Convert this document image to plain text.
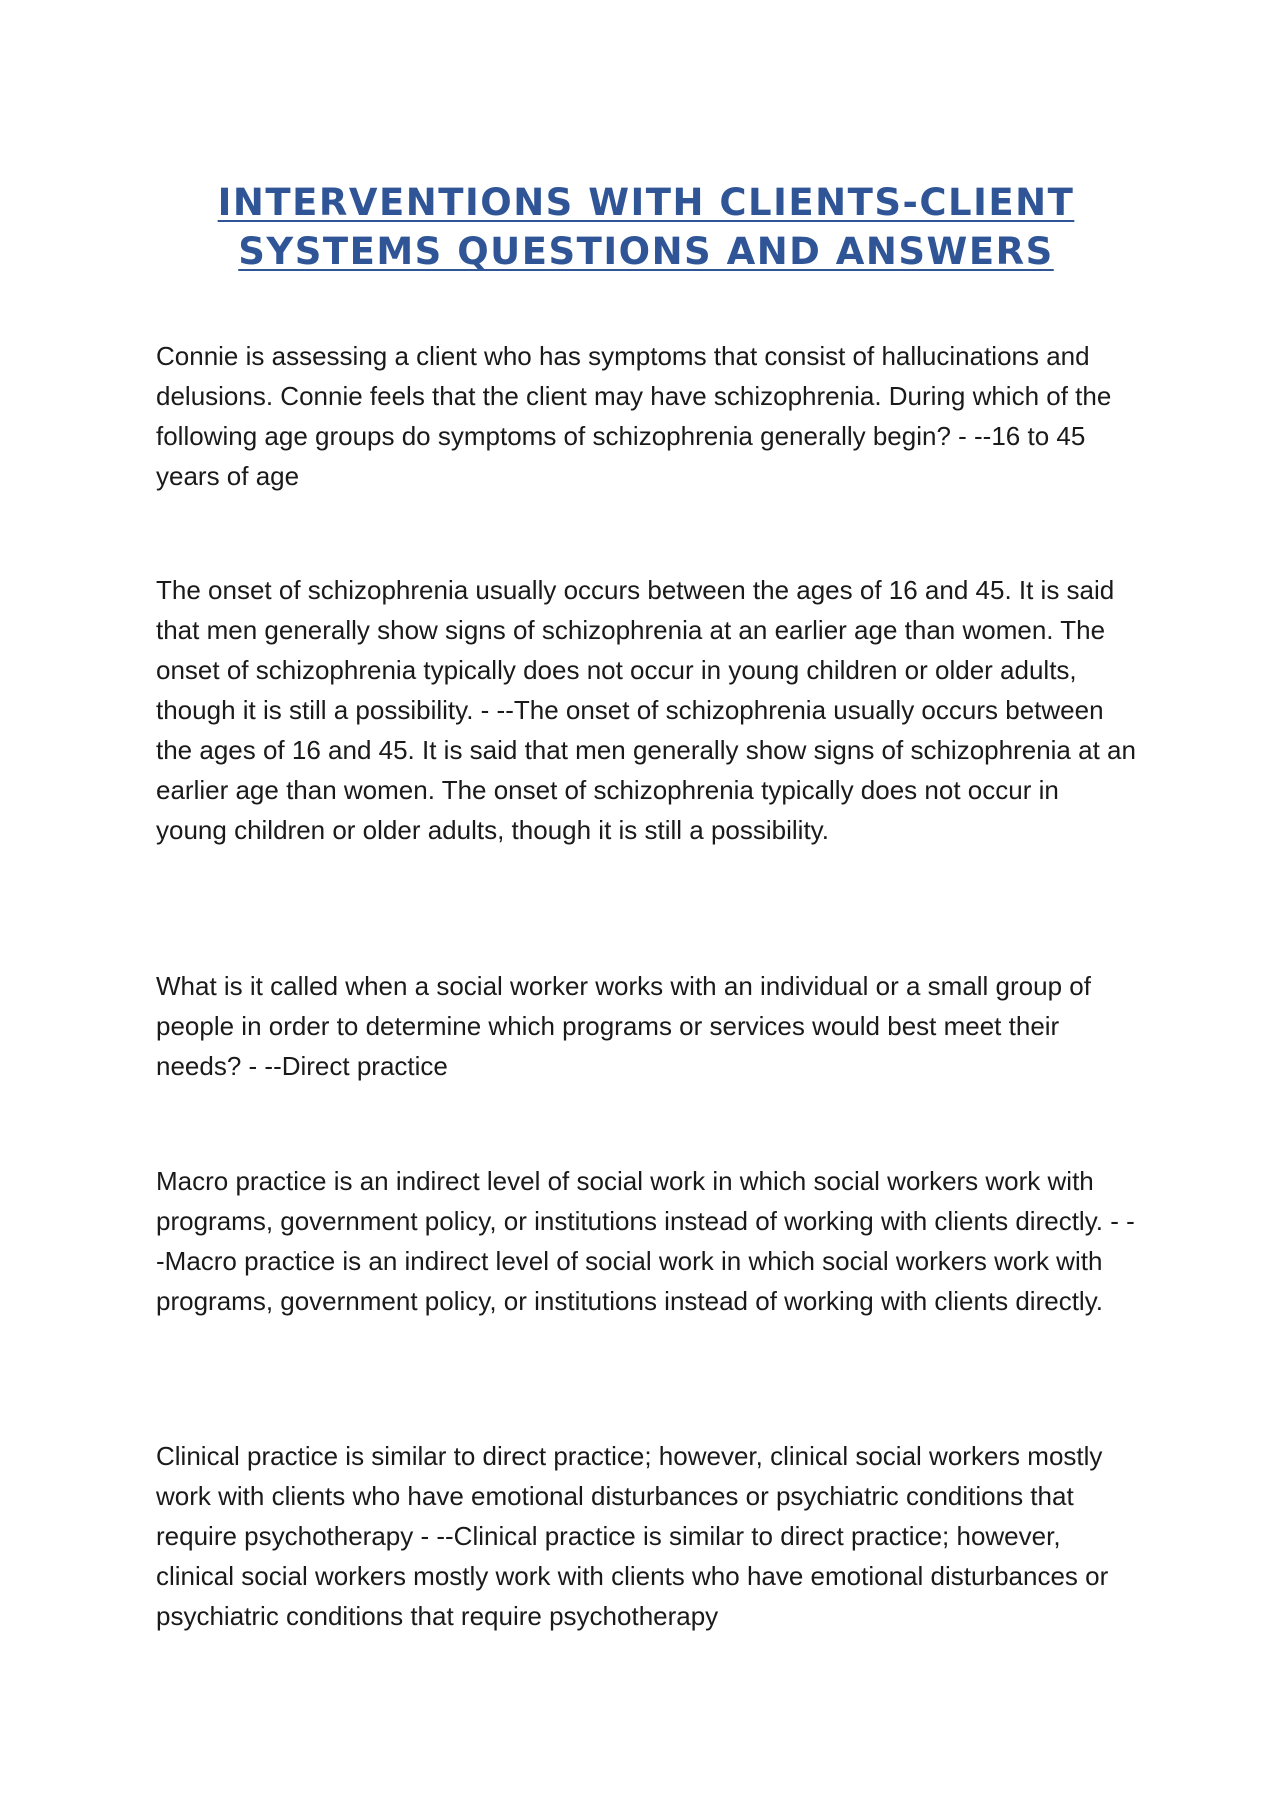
INTERVENTIONS WITH CLIENTS-CLIENT
SYSTEMS QUESTIONS AND ANSWERS

Connie is assessing a client who has symptoms that consist of hallucinations and delusions. Connie feels that the client may have schizophrenia. During which of the following age groups do symptoms of schizophrenia generally begin? - --16 to 45 years of age

The onset of schizophrenia usually occurs between the ages of 16 and 45. It is said that men generally show signs of schizophrenia at an earlier age than women. The onset of schizophrenia typically does not occur in young children or older adults, though it is still a possibility. - --The onset of schizophrenia usually occurs between the ages of 16 and 45. It is said that men generally show signs of schizophrenia at an earlier age than women. The onset of schizophrenia typically does not occur in young children or older adults, though it is still a possibility.

What is it called when a social worker works with an individual or a small group of people in order to determine which programs or services would best meet their needs? - --Direct practice

Macro practice is an indirect level of social work in which social workers work with programs, government policy, or institutions instead of working with clients directly. - --Macro practice is an indirect level of social work in which social workers work with programs, government policy, or institutions instead of working with clients directly.

Clinical practice is similar to direct practice; however, clinical social workers mostly work with clients who have emotional disturbances or psychiatric conditions that require psychotherapy - --Clinical practice is similar to direct practice; however, clinical social workers mostly work with clients who have emotional disturbances or psychiatric conditions that require psychotherapy
